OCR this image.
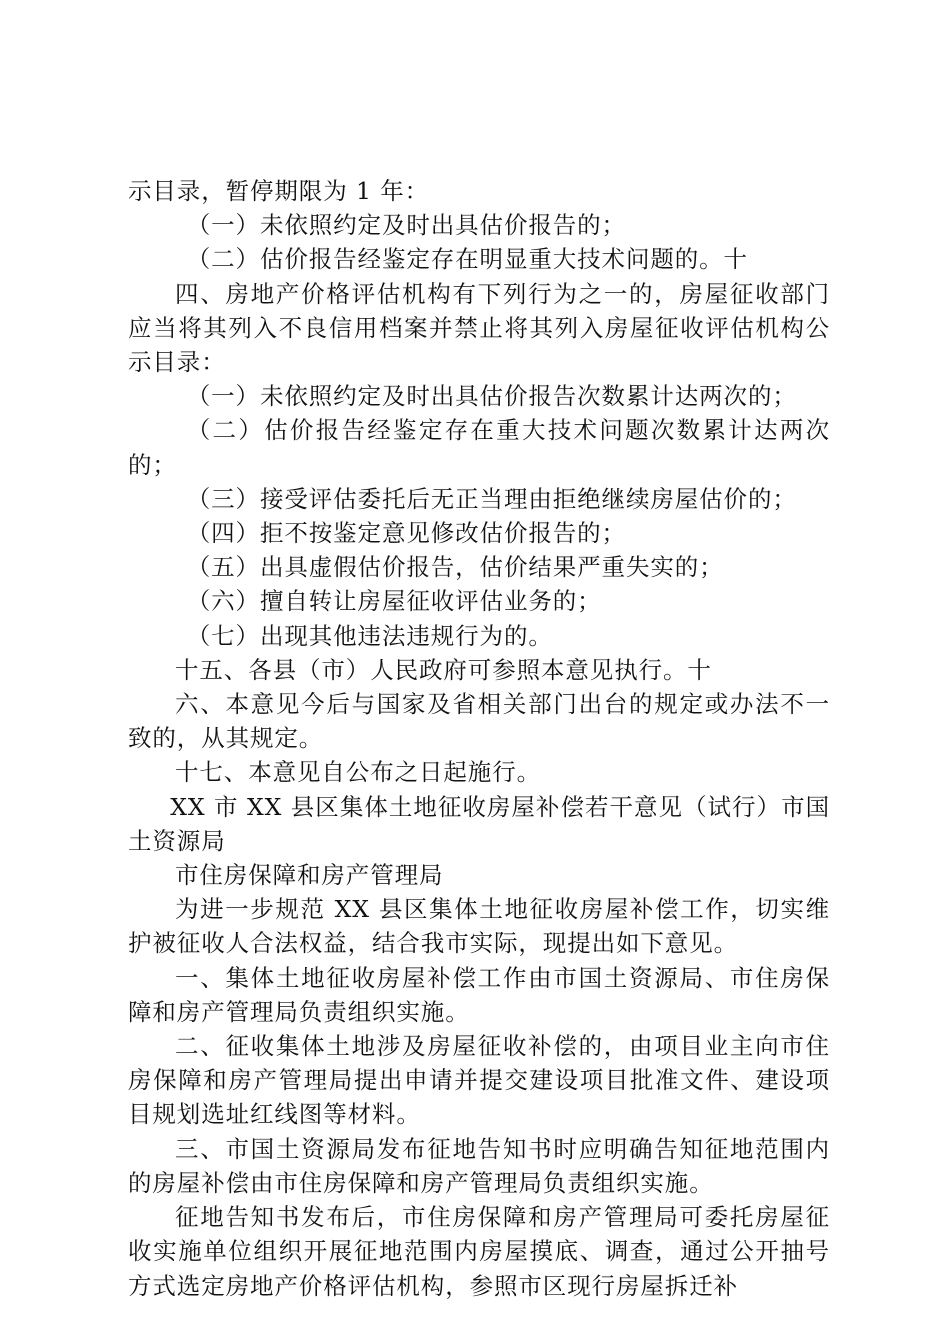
示目录，暂停期限为 1 年：

（一）未依照约定及时出具估价报告的；

（二）估价报告经鉴定存在明显重大技术问题的。十

四、房地产价格评估机构有下列行为之一的，房屋征收部门应当将其列入不良信用档案并禁止将其列入房屋征收评估机构公示目录：

（一）未依照约定及时出具估价报告次数累计达两次的；

（二）估价报告经鉴定存在重大技术问题次数累计达两次的；

（三）接受评估委托后无正当理由拒绝继续房屋估价的；

（四）拒不按鉴定意见修改估价报告的；

（五）出具虚假估价报告，估价结果严重失实的；

（六）擅自转让房屋征收评估业务的；

（七）出现其他违法违规行为的。

十五、各县（市）人民政府可参照本意见执行。十

六、本意见今后与国家及省相关部门出台的规定或办法不一致的，从其规定。

十七、本意见自公布之日起施行。

XX 市 XX 县区集体土地征收房屋补偿若干意见（试行）市国土资源局

市住房保障和房产管理局

为进一步规范 XX 县区集体土地征收房屋补偿工作，切实维护被征收人合法权益，结合我市实际，现提出如下意见。

一、集体土地征收房屋补偿工作由市国土资源局、市住房保障和房产管理局负责组织实施。

二、征收集体土地涉及房屋征收补偿的，由项目业主向市住房保障和房产管理局提出申请并提交建设项目批准文件、建设项目规划选址红线图等材料。

三、市国土资源局发布征地告知书时应明确告知征地范围内的房屋补偿由市住房保障和房产管理局负责组织实施。

征地告知书发布后，市住房保障和房产管理局可委托房屋征收实施单位组织开展征地范围内房屋摸底、调查，通过公开抽号方式选定房地产价格评估机构，参照市区现行房屋拆迁补
